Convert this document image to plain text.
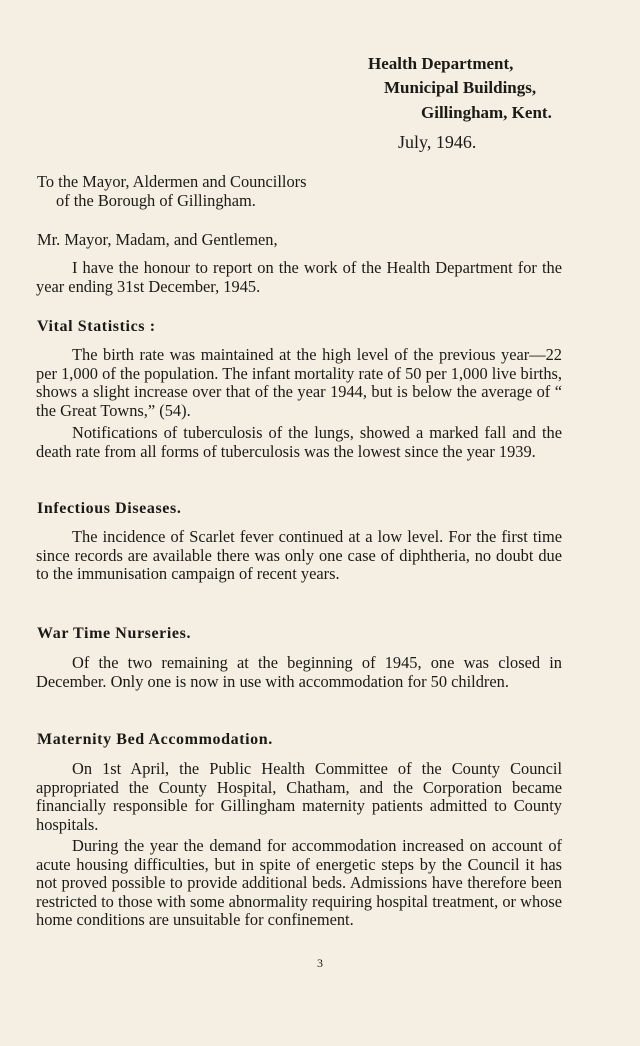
Health Department,
Municipal Buildings,
Gillingham, Kent.
July, 1946.
To the Mayor, Aldermen and Councillors
of the Borough of Gillingham.
Mr. Mayor, Madam, and Gentlemen,
I have the honour to report on the work of the Health Department for the year ending 31st December, 1945.
Vital Statistics :
The birth rate was maintained at the high level of the previous year—22 per 1,000 of the population. The infant mortality rate of 50 per 1,000 live births, shows a slight increase over that of the year 1944, but is below the average of “ the Great Towns,” (54).
Notifications of tuberculosis of the lungs, showed a marked fall and the death rate from all forms of tuberculosis was the lowest since the year 1939.
Infectious Diseases.
The incidence of Scarlet fever continued at a low level. For the first time since records are available there was only one case of diphtheria, no doubt due to the immunisation campaign of recent years.
War Time Nurseries.
Of the two remaining at the beginning of 1945, one was closed in December. Only one is now in use with accommodation for 50 children.
Maternity Bed Accommodation.
On 1st April, the Public Health Committee of the County Council appropriated the County Hospital, Chatham, and the Corporation became financially responsible for Gillingham maternity patients admitted to County hospitals.
During the year the demand for accommodation increased on account of acute housing difficulties, but in spite of energetic steps by the Council it has not proved possible to provide additional beds. Admissions have therefore been restricted to those with some abnormality requiring hospital treatment, or whose home conditions are unsuitable for confinement.
3
